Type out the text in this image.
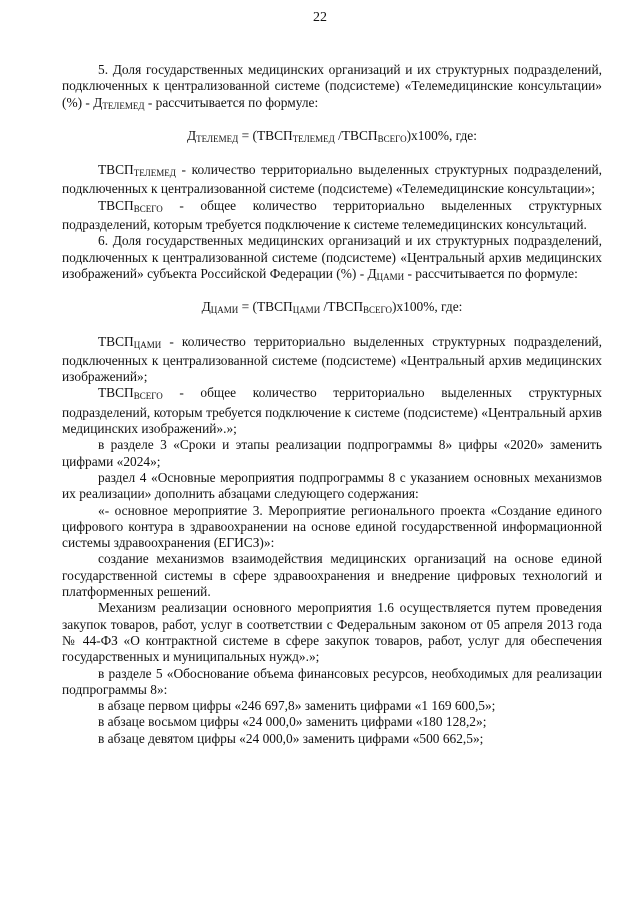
22

5. Доля государственных медицинских организаций и их структурных подразделений, подключенных к централизованной системе (подсистеме) «Телемедицинские консультации» (%) - $Д_{ТЕЛЕМЕД}$ - рассчитывается по формуле:

$Д_{ТЕЛЕМЕД}$ = ($ТВСП_{ТЕЛЕМЕД}$ $/ТВСП_{ВСЕГО})х100\%$, где:

$ТВСП_{ТЕЛЕМЕД}$ - количество территориально выделенных структурных подразделений, подключенных к централизованной системе (подсистеме) «Телемедицинские консультации»;

$ТВСП_{ВСЕГО}$ - общее количество территориально выделенных структурных подразделений, которым требуется подключение к системе телемедицинских консультаций.

6. Доля государственных медицинских организаций и их структурных подразделений, подключенных к централизованной системе (подсистеме) «Центральный архив медицинских изображений» субъекта Российской Федерации (%) - $Д_{ЦАМИ}$ - рассчитывается по формуле:

$Д_{ЦАМИ}$ = ($ТВСП_{ЦАМИ}$ $/ТВСП_{ВСЕГО})х100\%$, где:

$ТВСП_{ЦАМИ}$ - количество территориально выделенных структурных подразделений, подключенных к централизованной системе (подсистеме) «Центральный архив медицинских изображений»;

$ТВСП_{ВСЕГО}$ - общее количество территориально выделенных структурных подразделений, которым требуется подключение к системе (подсистеме) «Центральный архив медицинских изображений».»;

в разделе 3 «Сроки и этапы реализации подпрограммы 8» цифры «2020» заменить цифрами «2024»;

раздел 4 «Основные мероприятия подпрограммы 8 с указанием основных механизмов их реализации» дополнить абзацами следующего содержания:

«- основное мероприятие 3. Мероприятие регионального проекта «Создание единого цифрового контура в здравоохранении на основе единой государственной информационной системы здравоохранения (ЕГИСЗ)»:

создание механизмов взаимодействия медицинских организаций на основе единой государственной системы в сфере здравоохранения и внедрение цифровых технологий и платформенных решений.

Механизм реализации основного мероприятия 1.6 осуществляется путем проведения закупок товаров, работ, услуг в соответствии с Федеральным законом от 05 апреля 2013 года № 44-ФЗ «О контрактной системе в сфере закупок товаров, работ, услуг для обеспечения государственных и муниципальных нужд».»;

в разделе 5 «Обоснование объема финансовых ресурсов, необходимых для реализации подпрограммы 8»:

в абзаце первом цифры «246 697,8» заменить цифрами «1 169 600,5»;

в абзаце восьмом цифры «24 000,0» заменить цифрами «180 128,2»;

в абзаце девятом цифры «24 000,0» заменить цифрами «500 662,5»;
